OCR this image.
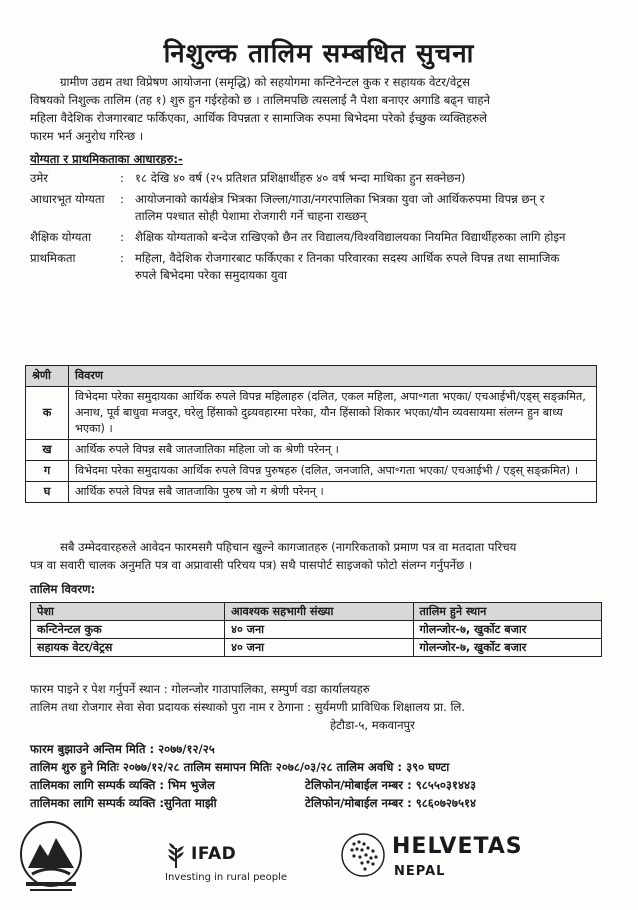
निशुल्क तालिम सम्बधित सुचना
ग्रामीण उद्यम तथा विप्रेषण आयोजना (समृद्धि) को सहयोगमा कन्टिनेन्टल कुक र सहायक वेटर/वेट्रस
विषयको निशुल्क तालिम (तह १) शुरु हुन गईरहेको छ । तालिमपछि त्यसलाई नै पेशा बनाएर अगाडि बढ्न चाहने
महिला वैदेशिक रोजगारबाट फर्किएका, आर्थिक विपन्नता र सामाजिक रुपमा बिभेदमा परेको ईच्छुक व्यक्तिहरुले
फारम भर्न अनुरोध गरिन्छ ।
योग्यता र प्राथमिकताका आधारहरु:-
उमेर	: १८ देखि ४० वर्ष (२५ प्रतिशत प्रशिक्षार्थीहरु ४० वर्ष भन्दा माथिका हुन सक्नेछन)
आधारभूत योग्यता	: आयोजनाको कार्यक्षेत्र भित्रका जिल्ला/गाउा/नगरपालिका भित्रका युवा जो आर्थिकरुपमा विपन्न छन् र तालिम पश्चात सोही पेशामा रोजगारी गर्ने चाहना राख्छन्
शैक्षिक योग्यता	: शैक्षिक योग्यताको बन्देज राखिएको छैन तर विद्यालय/विश्वविद्यालयका नियमित विद्यार्थीहरुका लागि होइन
प्राथमिकता	: महिला, वैदेशिक रोजगारबाट फर्किएका र तिनका परिवारका सदस्य आर्थिक रुपले विपन्न तथा सामाजिक रुपले बिभेदमा परेका समुदायका युवा
श्रेणी	विवरण
क	विभेदमा परेका समुदायका आर्थिक रुपले विपन्न महिलाहरु (दलित, एकल महिला, अपा॰गता भएका/ एचआईभी/एड्स् सङ्क्रमित, अनाथ, पूर्व बाधुवा मजदुर, घरेलु हिंसाको दुव्र्यवहारमा परेका, यौन हिंसाको शिकार भएका/यौन व्यवसायमा संलग्न हुन बाध्य भएका) ।
ख	आर्थिक रुपले विपन्न सबै जातजातिका महिला जो क श्रेणी परेनन् ।
ग	विभेदमा परेका समुदायका आर्थिक रुपले विपन्न पुरुषहरु (दलित, जनजाति, अपा॰गता भएका/ एचआईभी / एड्स् सङ्क्रमित) ।
घ	आर्थिक रुपले विपन्न सबै जातजाकिा पुरुष जो ग श्रेणी परेनन् ।
सबै उम्मेदवारहरुले आवेदन फारमसगै पहिचान खुल्ने कागजातहरु (नागरिकताको प्रमाण पत्र वा मतदाता परिचय
पत्र वा सवारी चालक अनुमति पत्र वा अप्रावासी परिचय पत्र) सथै पासपोर्ट साइजको फोटो संलग्न गर्नुपर्नेछ ।
तालिम विवरण:
पेशा	आवश्यक सहभागी संख्या	तालिम हुने स्थान
कन्टिनेन्टल कुक	४० जना	गोलन्जोर-७, खुर्कोट बजार
सहायक वेटर/वेट्रस	४० जना	गोलन्जोर-७, खुर्कोट बजार
फारम पाइने र पेश गर्नुपर्ने स्थान : गोलन्जोर गाउापालिका, सम्पुर्ण वडा कार्यालयहरु
तालिम तथा रोजगार सेवा सेवा प्रदायक संस्थाको पुरा नाम र ठेगाना : सुर्यमणी प्राविधिक शिक्षालय प्रा. लि.
हेटौडा-५, मकवानपुर
फारम बुझाउने अन्तिम मिति : २०७७/१२/२५
तालिम शुरु हुने मितिः २०७७/१२/२८ तालिम समापन मितिः २०७८/०३/२८ तालिम अवधि : ३९० घण्टा
तालिमका लागि सम्पर्क व्यक्ति : भिम भुजेल	टेलिफोन/मोबाईल नम्बर : ९८५५०३१४४३
तालिमका लागि सम्पर्क व्यक्ति :सुनिता माझी	टेलिफोन/मोबाईल नम्बर : ९८६०७२७५१४
IFAD
Investing in rural people
HELVETAS
NEPAL
